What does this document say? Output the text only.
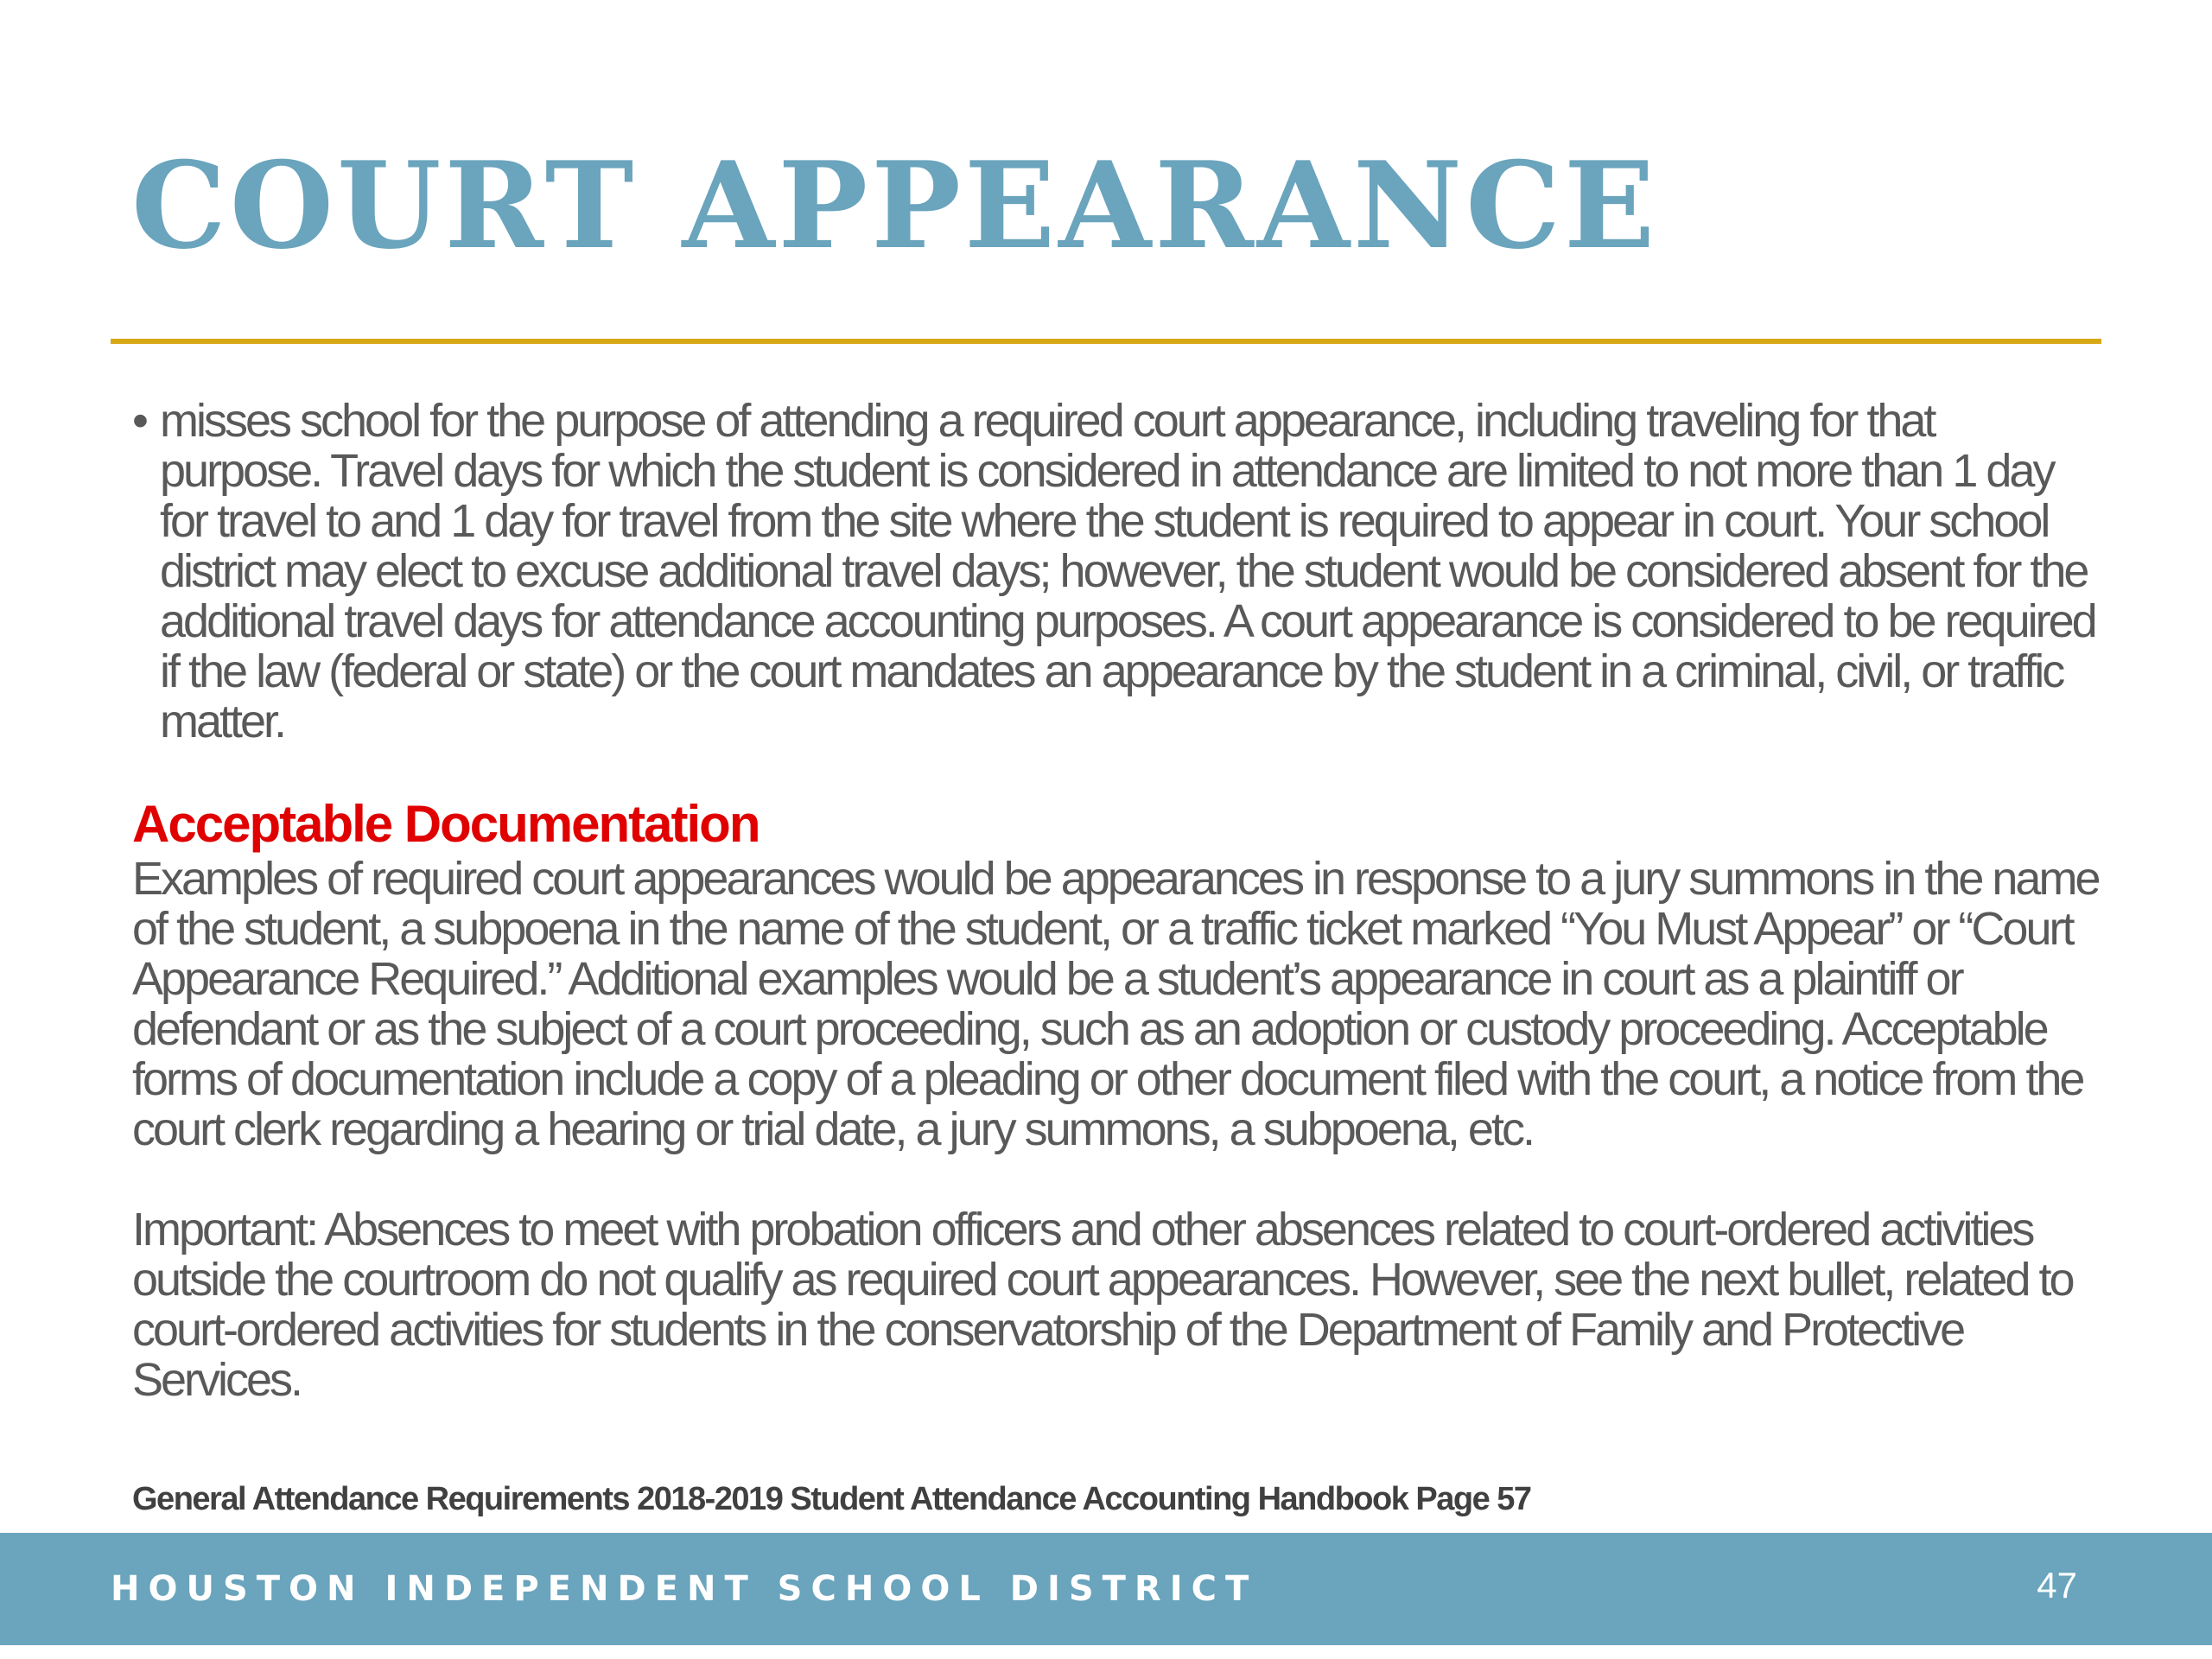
COURT APPEARANCE

• misses school for the purpose of attending a required court appearance, including traveling for that purpose. Travel days for which the student is considered in attendance are limited to not more than 1 day for travel to and 1 day for travel from the site where the student is required to appear in court. Your school district may elect to excuse additional travel days; however, the student would be considered absent for the additional travel days for attendance accounting purposes. A court appearance is considered to be required if the law (federal or state) or the court mandates an appearance by the student in a criminal, civil, or traffic matter.

Acceptable Documentation

Examples of required court appearances would be appearances in response to a jury summons in the name of the student, a subpoena in the name of the student, or a traffic ticket marked “You Must Appear” or “Court Appearance Required.” Additional examples would be a student’s appearance in court as a plaintiff or defendant or as the subject of a court proceeding, such as an adoption or custody proceeding. Acceptable forms of documentation include a copy of a pleading or other document filed with the court, a notice from the court clerk regarding a hearing or trial date, a jury summons, a subpoena, etc.

Important: Absences to meet with probation officers and other absences related to court-ordered activities outside the courtroom do not qualify as required court appearances. However, see the next bullet, related to court-ordered activities for students in the conservatorship of the Department of Family and Protective Services.

General Attendance Requirements 2018-2019 Student Attendance Accounting Handbook Page 57
HOUSTON INDEPENDENT SCHOOL DISTRICT	47
